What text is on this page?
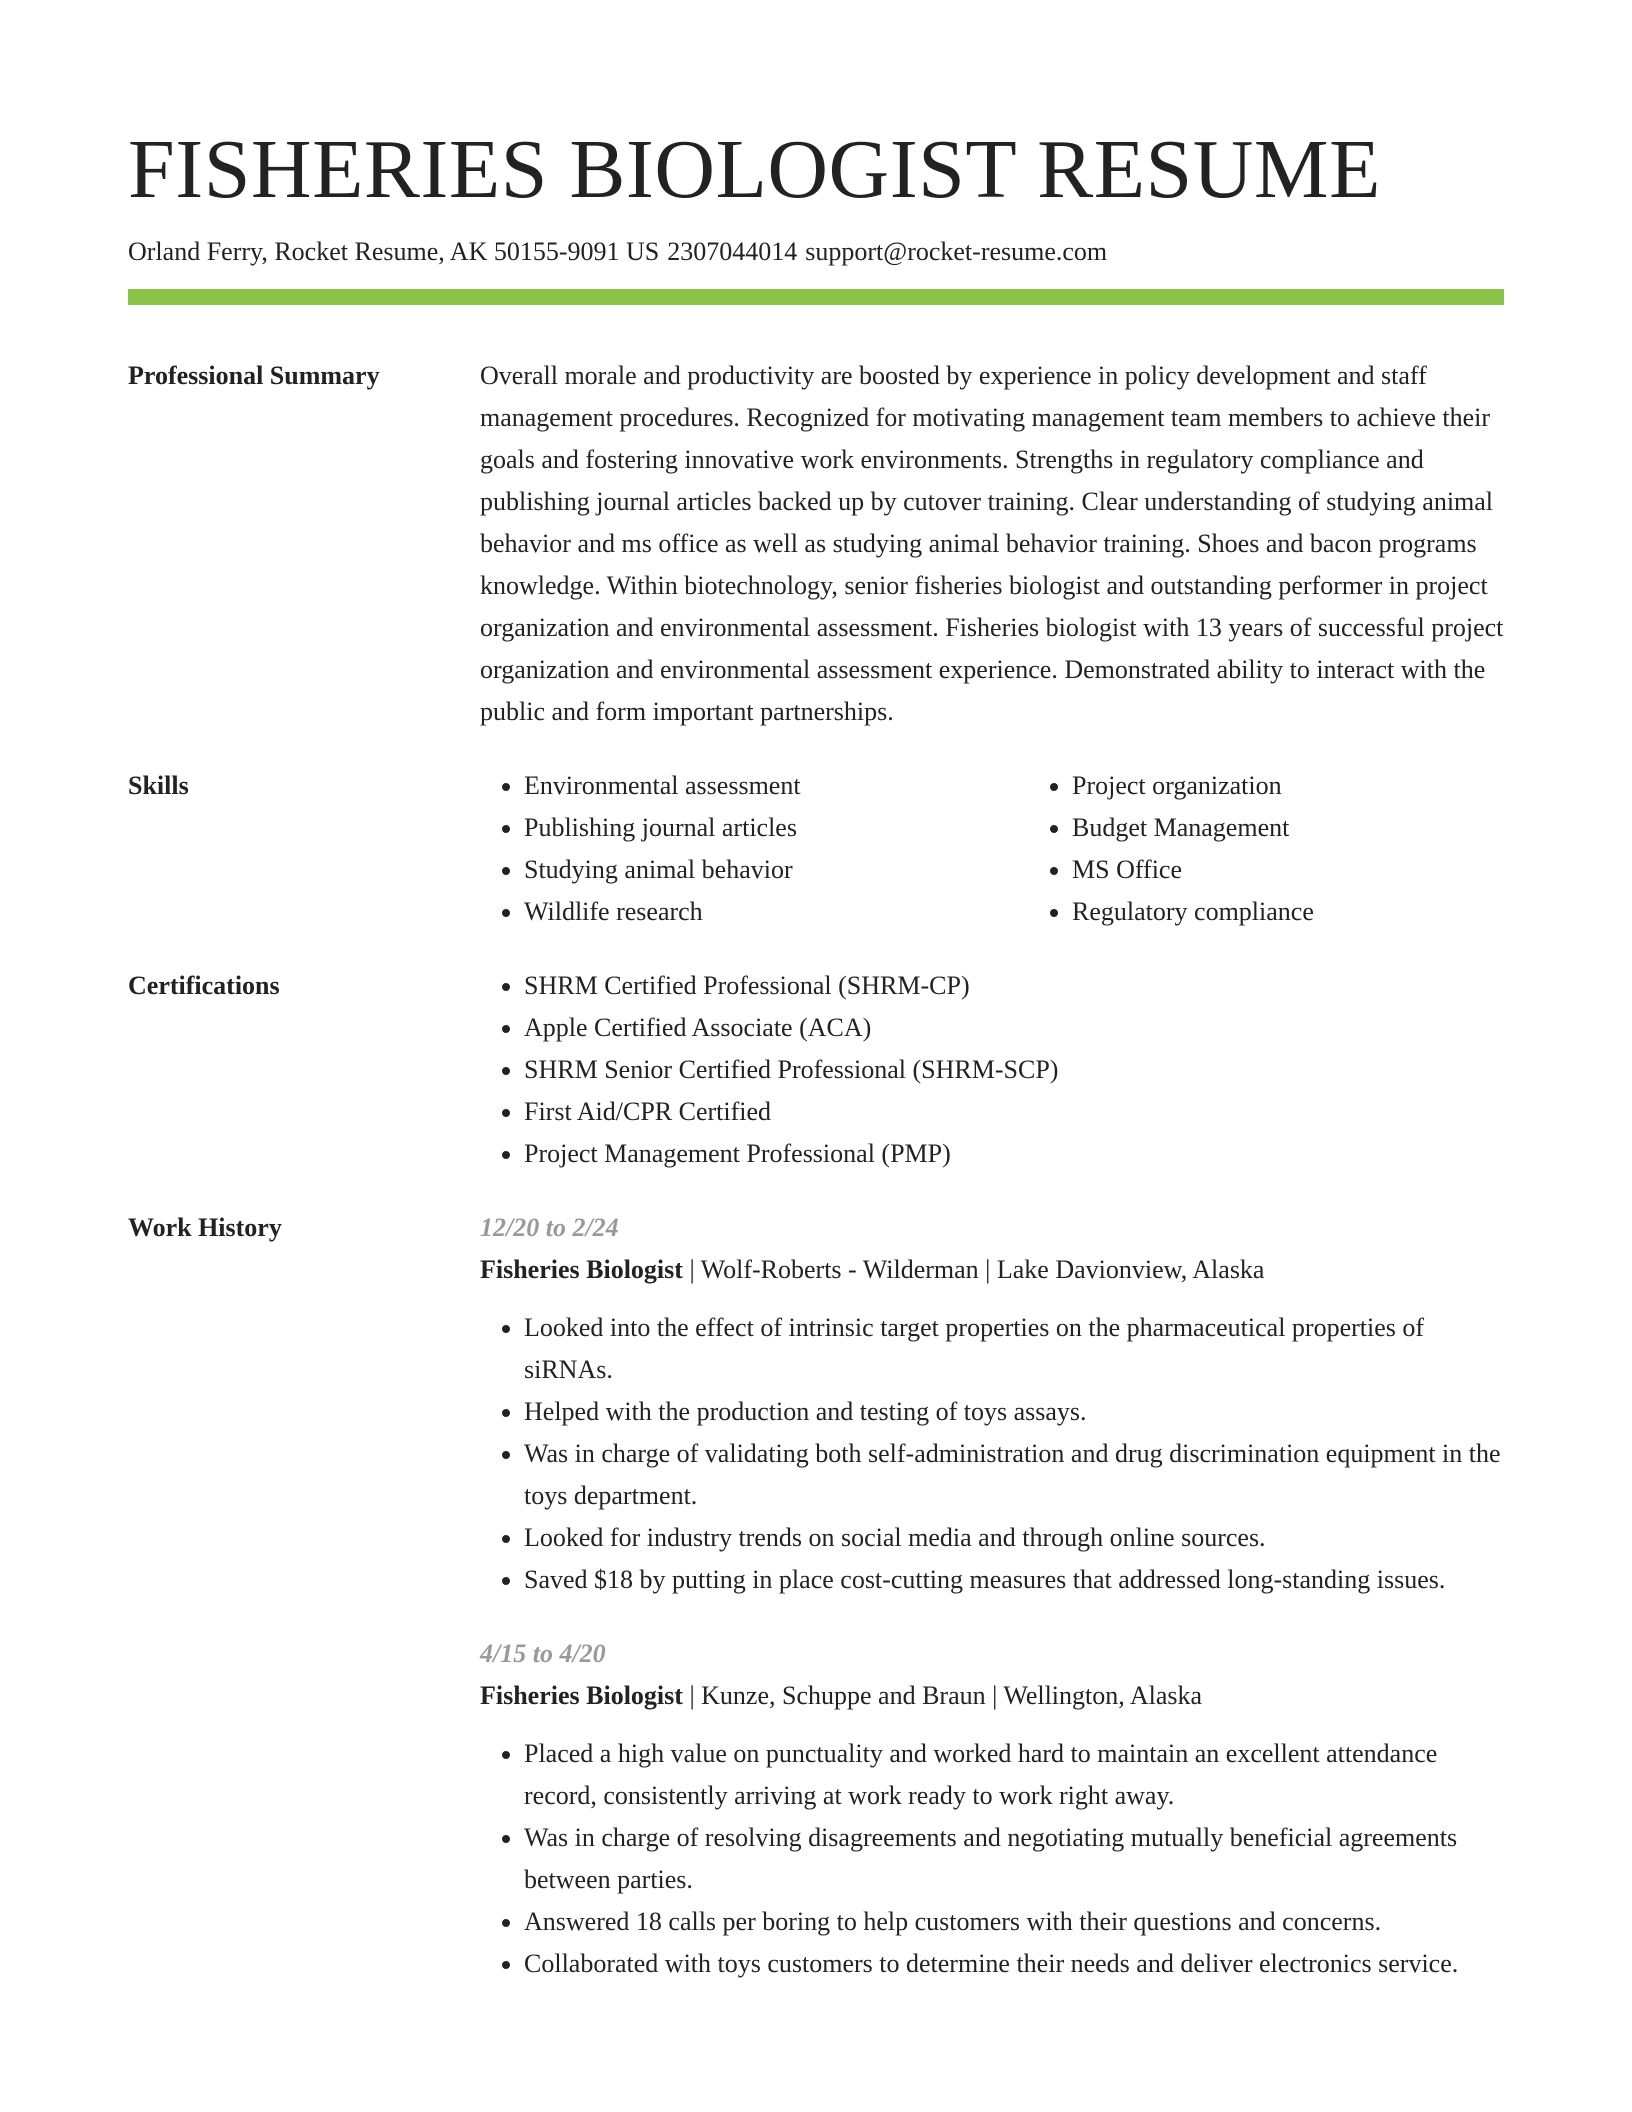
FISHERIES BIOLOGIST RESUME
Orland Ferry, Rocket Resume, AK 50155-9091 US 2307044014 support@rocket-resume.com
Professional Summary	Overall morale and productivity are boosted by experience in policy development and staff management procedures. Recognized for motivating management team members to achieve their goals and fostering innovative work environments. Strengths in regulatory compliance and publishing journal articles backed up by cutover training. Clear understanding of studying animal behavior and ms office as well as studying animal behavior training. Shoes and bacon programs knowledge. Within biotechnology, senior fisheries biologist and outstanding performer in project organization and environmental assessment. Fisheries biologist with 13 years of successful project organization and environmental assessment experience. Demonstrated ability to interact with the public and form important partnerships.
Skills	• Environmental assessment
• Publishing journal articles
• Studying animal behavior
• Wildlife research
• Project organization
• Budget Management
• MS Office
• Regulatory compliance
Certifications	• SHRM Certified Professional (SHRM-CP)
• Apple Certified Associate (ACA)
• SHRM Senior Certified Professional (SHRM-SCP)
• First Aid/CPR Certified
• Project Management Professional (PMP)
Work History	12/20 to 2/24
Fisheries Biologist | Wolf-Roberts - Wilderman | Lake Davionview, Alaska
• Looked into the effect of intrinsic target properties on the pharmaceutical properties of siRNAs.
• Helped with the production and testing of toys assays.
• Was in charge of validating both self-administration and drug discrimination equipment in the toys department.
• Looked for industry trends on social media and through online sources.
• Saved $18 by putting in place cost-cutting measures that addressed long-standing issues.
4/15 to 4/20
Fisheries Biologist | Kunze, Schuppe and Braun | Wellington, Alaska
• Placed a high value on punctuality and worked hard to maintain an excellent attendance record, consistently arriving at work ready to work right away.
• Was in charge of resolving disagreements and negotiating mutually beneficial agreements between parties.
• Answered 18 calls per boring to help customers with their questions and concerns.
• Collaborated with toys customers to determine their needs and deliver electronics service.
